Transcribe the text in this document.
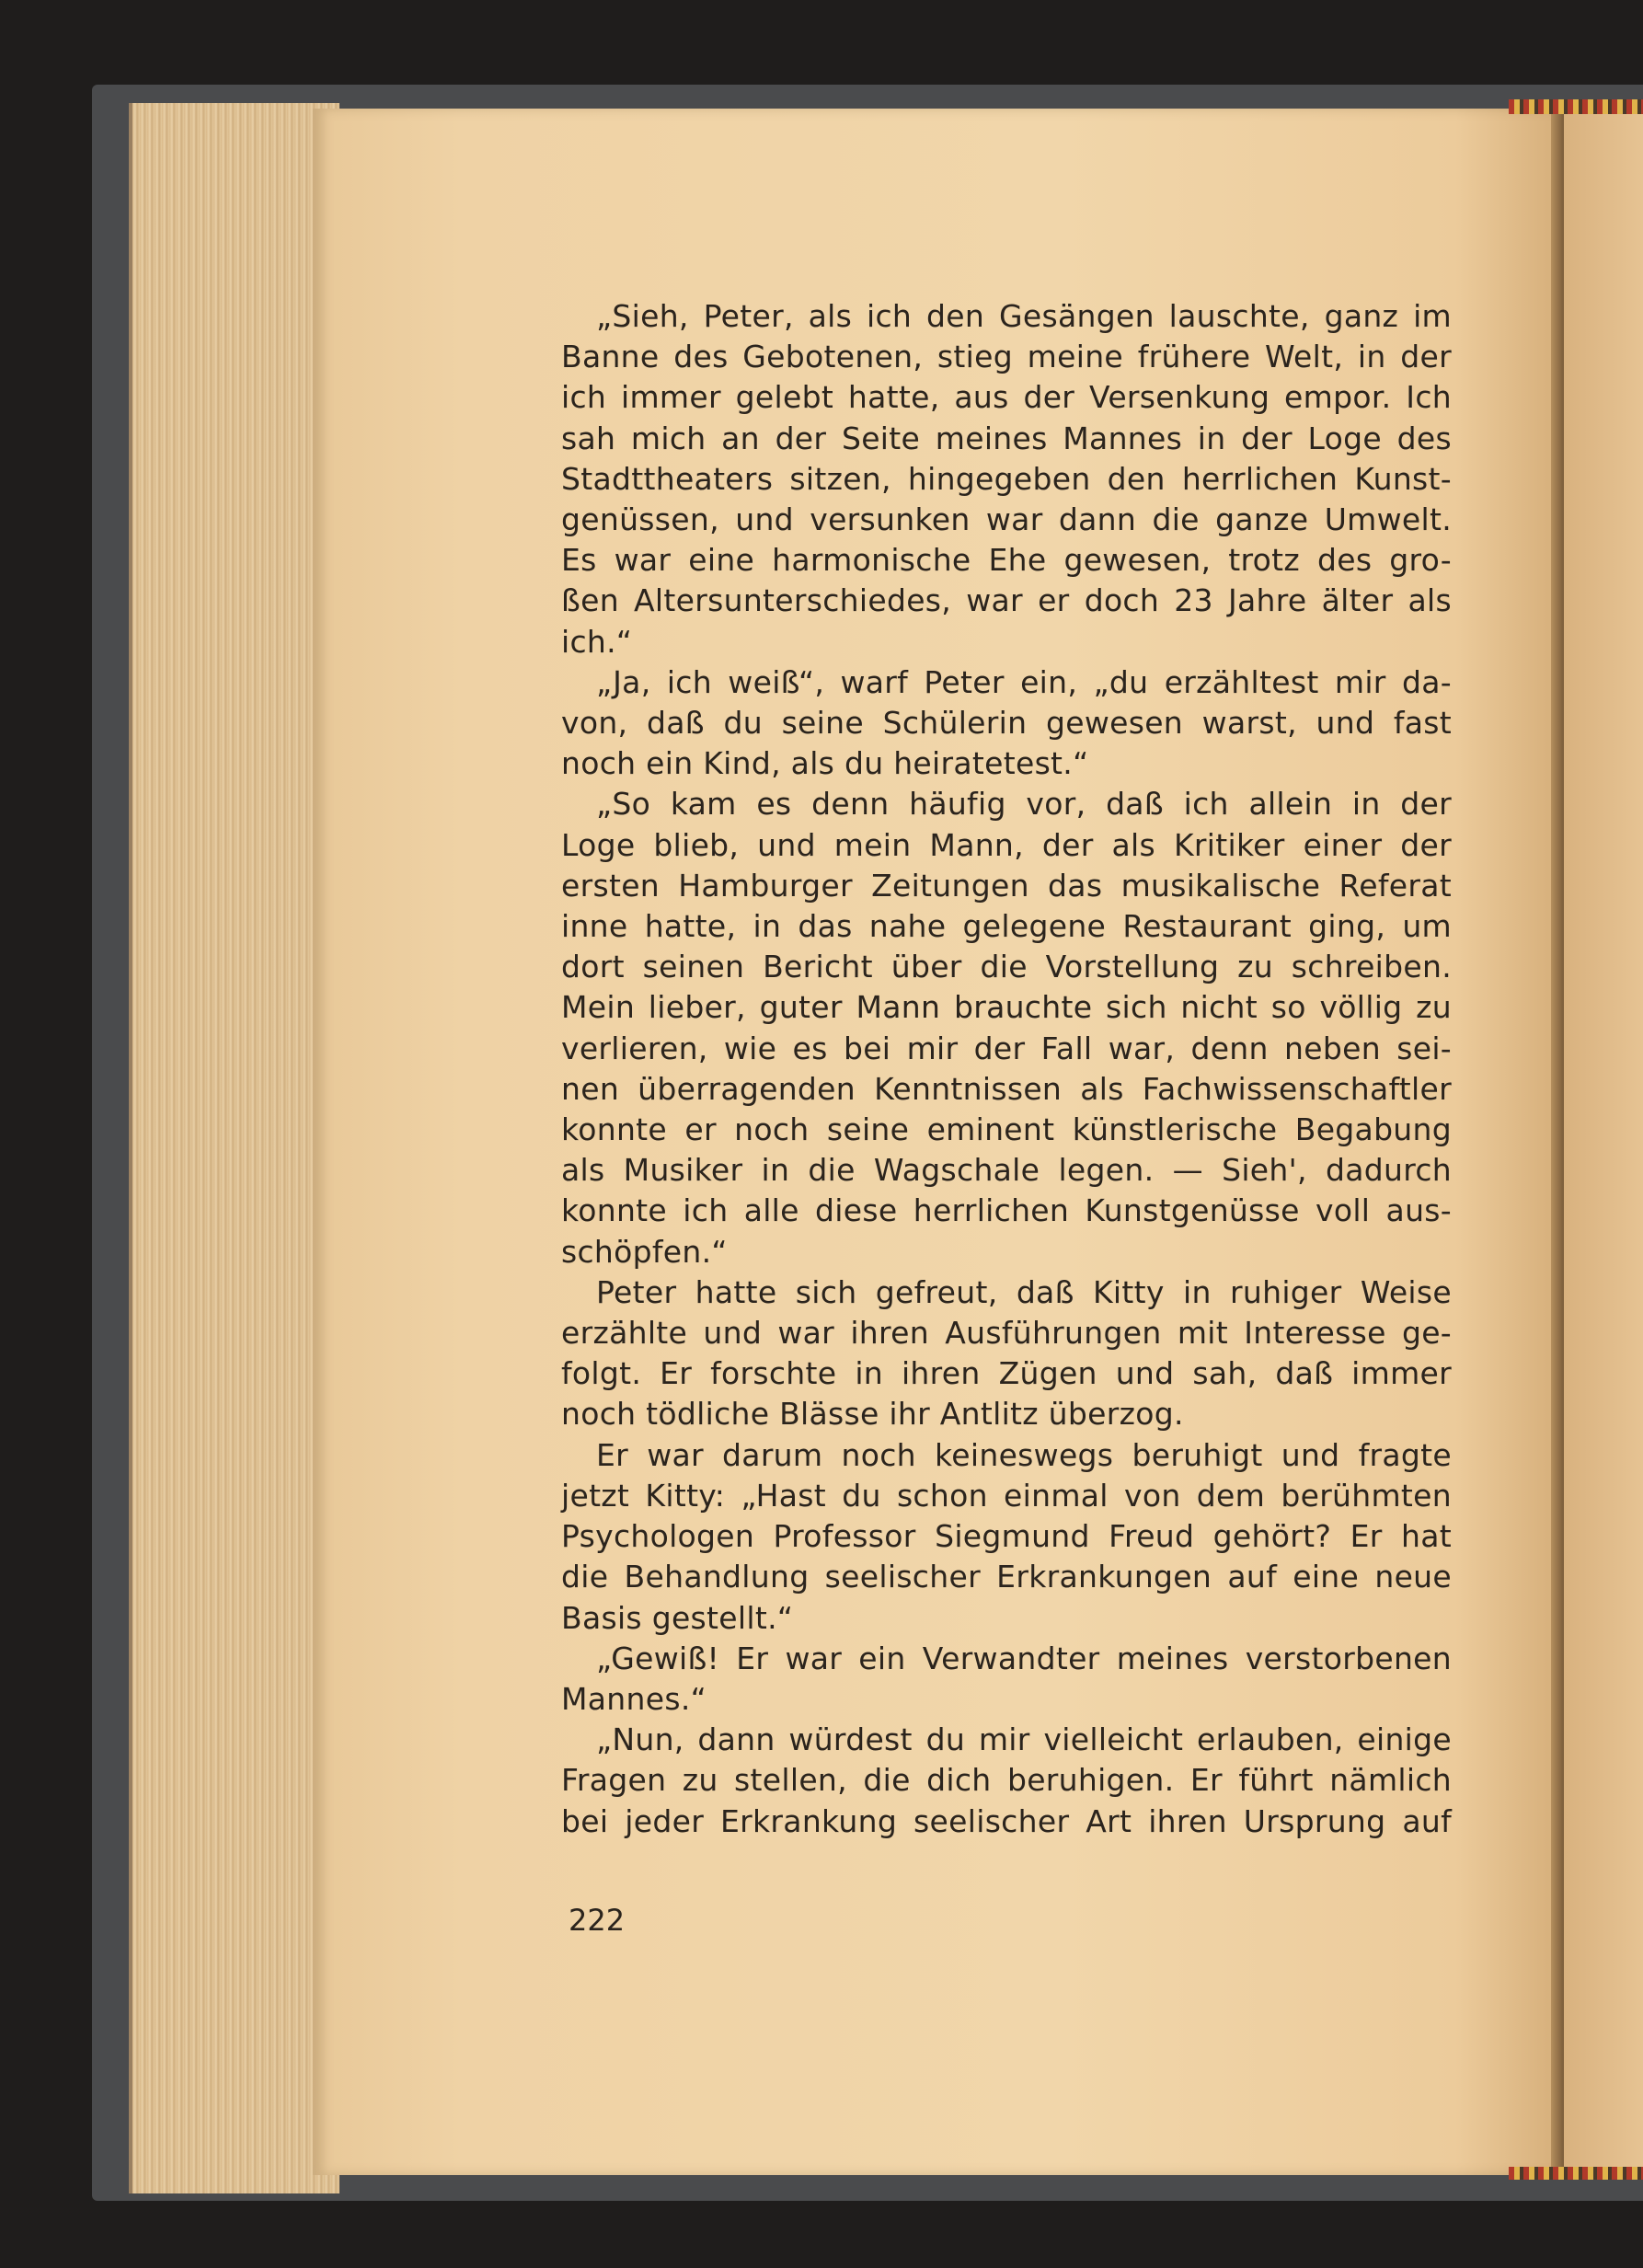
„Sieh, Peter, als ich den Gesängen lauschte, ganz im
Banne des Gebotenen, stieg meine frühere Welt, in der
ich immer gelebt hatte, aus der Versenkung empor. Ich
sah mich an der Seite meines Mannes in der Loge des
Stadttheaters sitzen, hingegeben den herrlichen Kunst-
genüssen, und versunken war dann die ganze Umwelt.
Es war eine harmonische Ehe gewesen, trotz des gro-
ßen Altersunterschiedes, war er doch 23 Jahre älter als
ich.“
„Ja, ich weiß“, warf Peter ein, „du erzähltest mir da-
von, daß du seine Schülerin gewesen warst, und fast
noch ein Kind, als du heiratetest.“
„So kam es denn häufig vor, daß ich allein in der
Loge blieb, und mein Mann, der als Kritiker einer der
ersten Hamburger Zeitungen das musikalische Referat
inne hatte, in das nahe gelegene Restaurant ging, um
dort seinen Bericht über die Vorstellung zu schreiben.
Mein lieber, guter Mann brauchte sich nicht so völlig zu
verlieren, wie es bei mir der Fall war, denn neben sei-
nen überragenden Kenntnissen als Fachwissenschaftler
konnte er noch seine eminent künstlerische Begabung
als Musiker in die Wagschale legen. — Sieh', dadurch
konnte ich alle diese herrlichen Kunstgenüsse voll aus-
schöpfen.“
Peter hatte sich gefreut, daß Kitty in ruhiger Weise
erzählte und war ihren Ausführungen mit Interesse ge-
folgt. Er forschte in ihren Zügen und sah, daß immer
noch tödliche Blässe ihr Antlitz überzog.
Er war darum noch keineswegs beruhigt und fragte
jetzt Kitty: „Hast du schon einmal von dem berühmten
Psychologen Professor Siegmund Freud gehört? Er hat
die Behandlung seelischer Erkrankungen auf eine neue
Basis gestellt.“
„Gewiß! Er war ein Verwandter meines verstorbenen
Mannes.“
„Nun, dann würdest du mir vielleicht erlauben, einige
Fragen zu stellen, die dich beruhigen. Er führt nämlich
bei jeder Erkrankung seelischer Art ihren Ursprung auf
222
